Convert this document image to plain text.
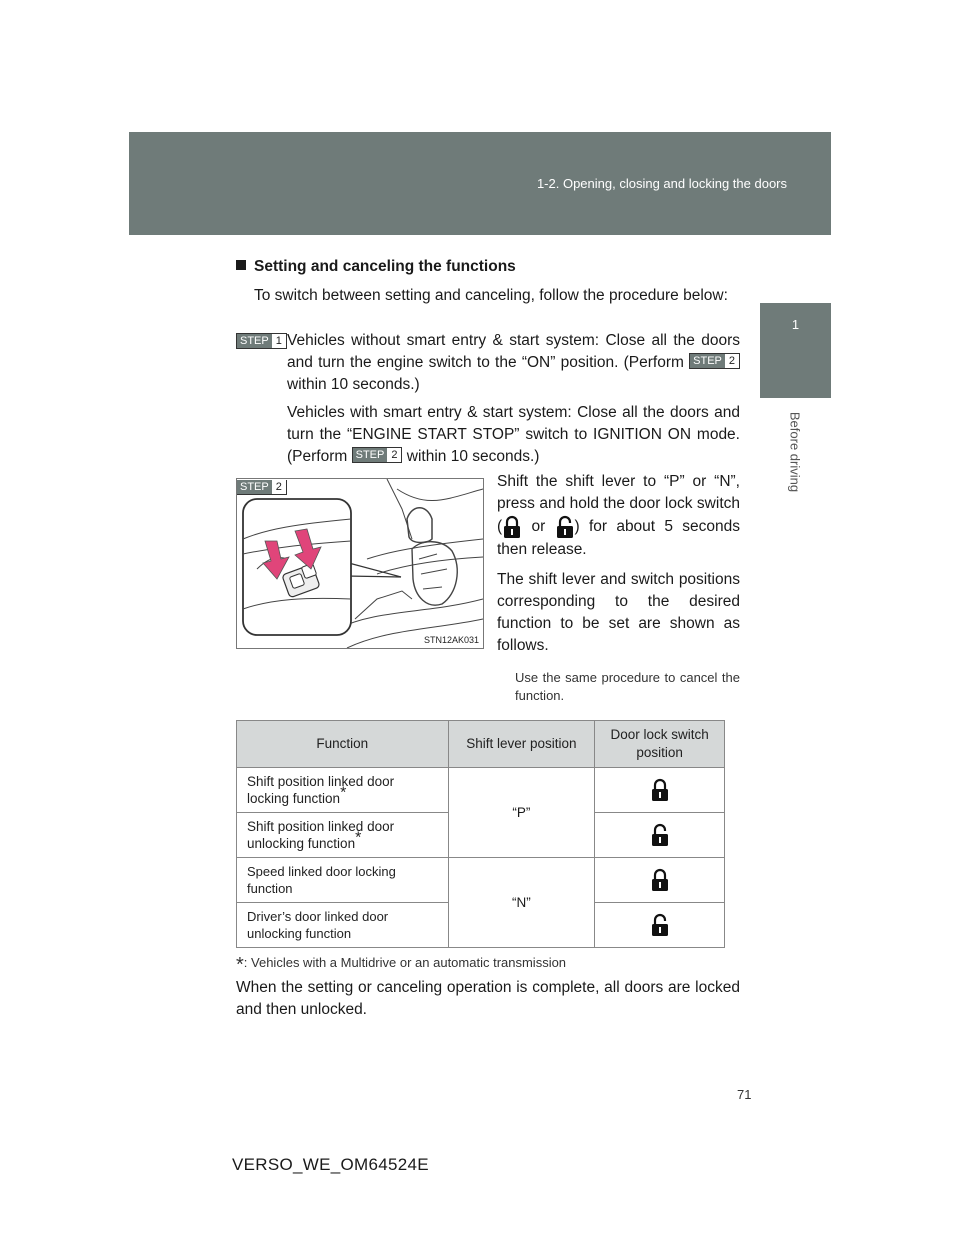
1-2. Opening, closing and locking the doors
1
Before driving
Setting and canceling the functions
To switch between setting and canceling, follow the procedure below:
STEP 1 Vehicles without smart entry & start system: Close all the doors and turn the engine switch to the “ON” position. (Perform STEP 2 within 10 seconds.)
Vehicles with smart entry & start system: Close all the doors and turn the “ENGINE START STOP” switch to IGNITION ON mode. (Perform STEP 2 within 10 seconds.)
STEP 2
STN12AK031
Shift the shift lever to “P” or “N”, press and hold the door lock switch ( or ) for about 5 seconds then release.
The shift lever and switch positions corresponding to the desired function to be set are shown as follows.
Use the same procedure to cancel the function.
Function	Shift lever position	Door lock switch position
Shift position linked door locking function*	“P”	

Shift position linked door unlocking function*	

Speed linked door locking function	“N”	

Driver’s door linked door unlocking function	
*: Vehicles with a Multidrive or an automatic transmission
When the setting or canceling operation is complete, all doors are locked and then unlocked.
71
VERSO_WE_OM64524E
